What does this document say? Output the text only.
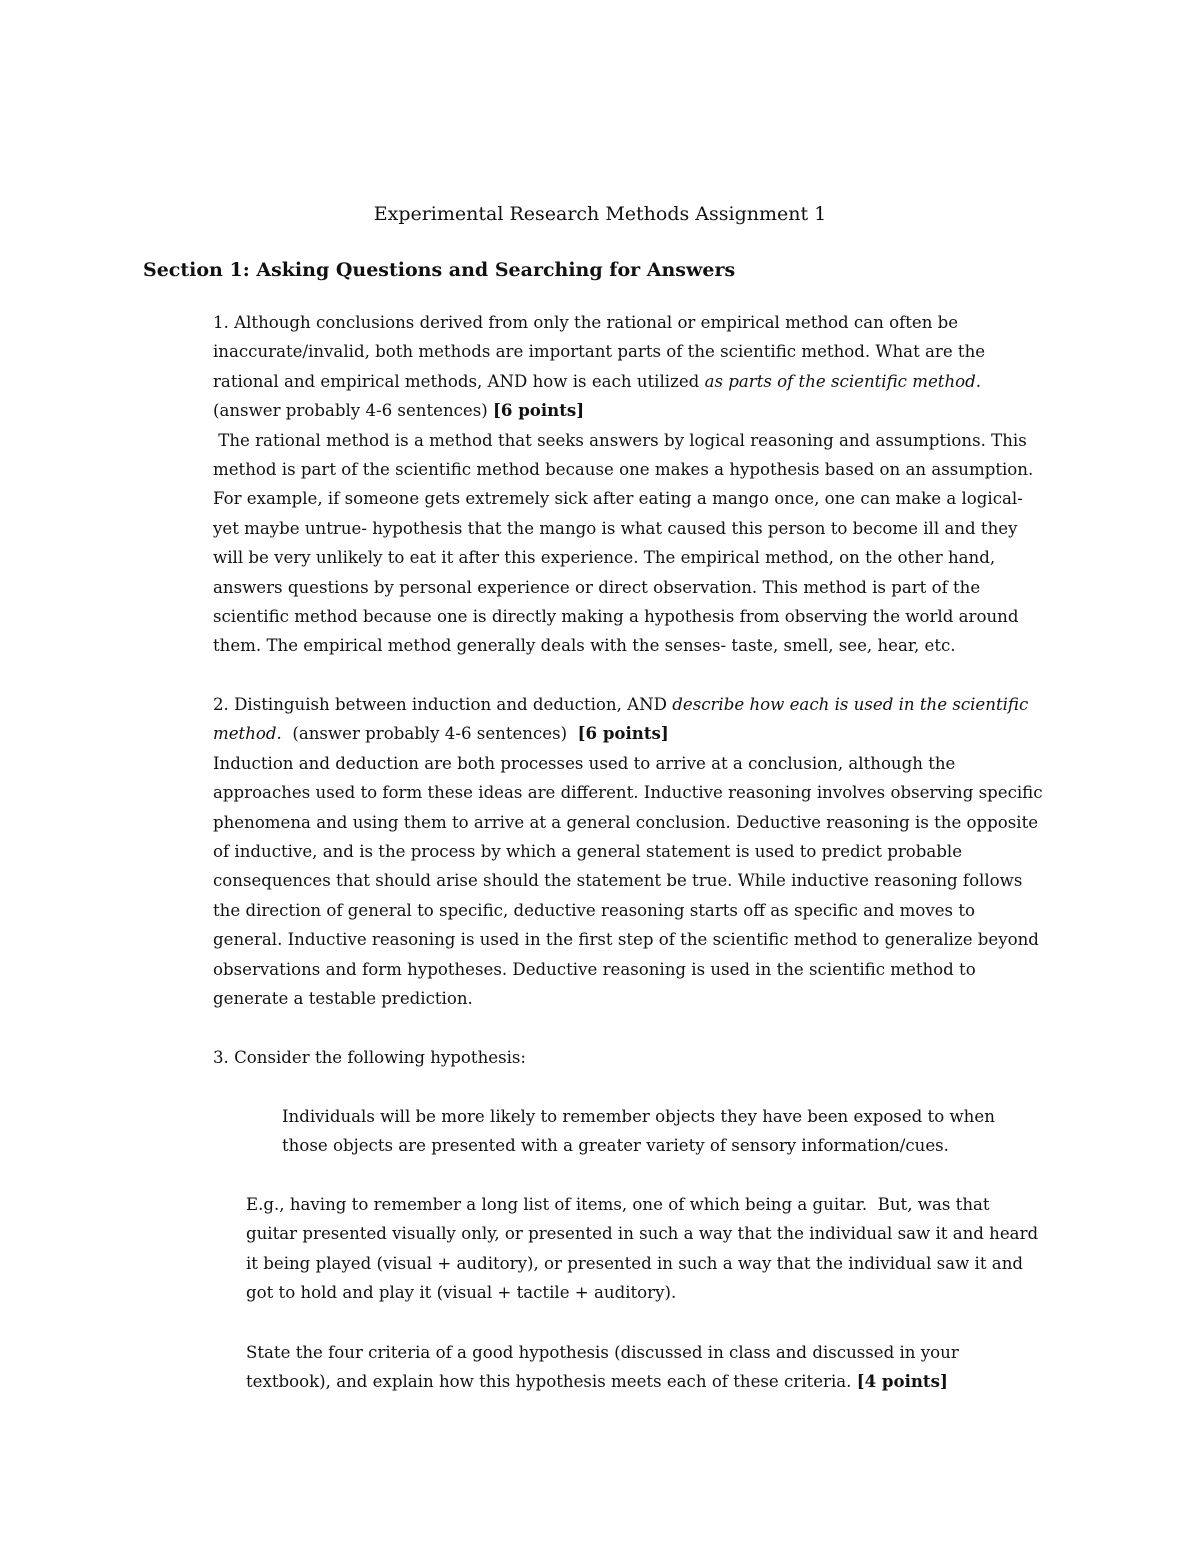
Experimental Research Methods Assignment 1
Section 1: Asking Questions and Searching for Answers
1. Although conclusions derived from only the rational or empirical method can often be
inaccurate/invalid, both methods are important parts of the scientific method. What are the
rational and empirical methods, AND how is each utilized as parts of the scientific method.
(answer probably 4-6 sentences) [6 points]
The rational method is a method that seeks answers by logical reasoning and assumptions. This
method is part of the scientific method because one makes a hypothesis based on an assumption.
For example, if someone gets extremely sick after eating a mango once, one can make a logical-
yet maybe untrue- hypothesis that the mango is what caused this person to become ill and they
will be very unlikely to eat it after this experience. The empirical method, on the other hand,
answers questions by personal experience or direct observation. This method is part of the
scientific method because one is directly making a hypothesis from observing the world around
them. The empirical method generally deals with the senses- taste, smell, see, hear, etc.
2. Distinguish between induction and deduction, AND describe how each is used in the scientific
method.  (answer probably 4-6 sentences)  [6 points]
Induction and deduction are both processes used to arrive at a conclusion, although the
approaches used to form these ideas are different. Inductive reasoning involves observing specific
phenomena and using them to arrive at a general conclusion. Deductive reasoning is the opposite
of inductive, and is the process by which a general statement is used to predict probable
consequences that should arise should the statement be true. While inductive reasoning follows
the direction of general to specific, deductive reasoning starts off as specific and moves to
general. Inductive reasoning is used in the first step of the scientific method to generalize beyond
observations and form hypotheses. Deductive reasoning is used in the scientific method to
generate a testable prediction.
3. Consider the following hypothesis:
Individuals will be more likely to remember objects they have been exposed to when
those objects are presented with a greater variety of sensory information/cues.
E.g., having to remember a long list of items, one of which being a guitar.  But, was that
guitar presented visually only, or presented in such a way that the individual saw it and heard
it being played (visual + auditory), or presented in such a way that the individual saw it and
got to hold and play it (visual + tactile + auditory).
State the four criteria of a good hypothesis (discussed in class and discussed in your
textbook), and explain how this hypothesis meets each of these criteria. [4 points]
